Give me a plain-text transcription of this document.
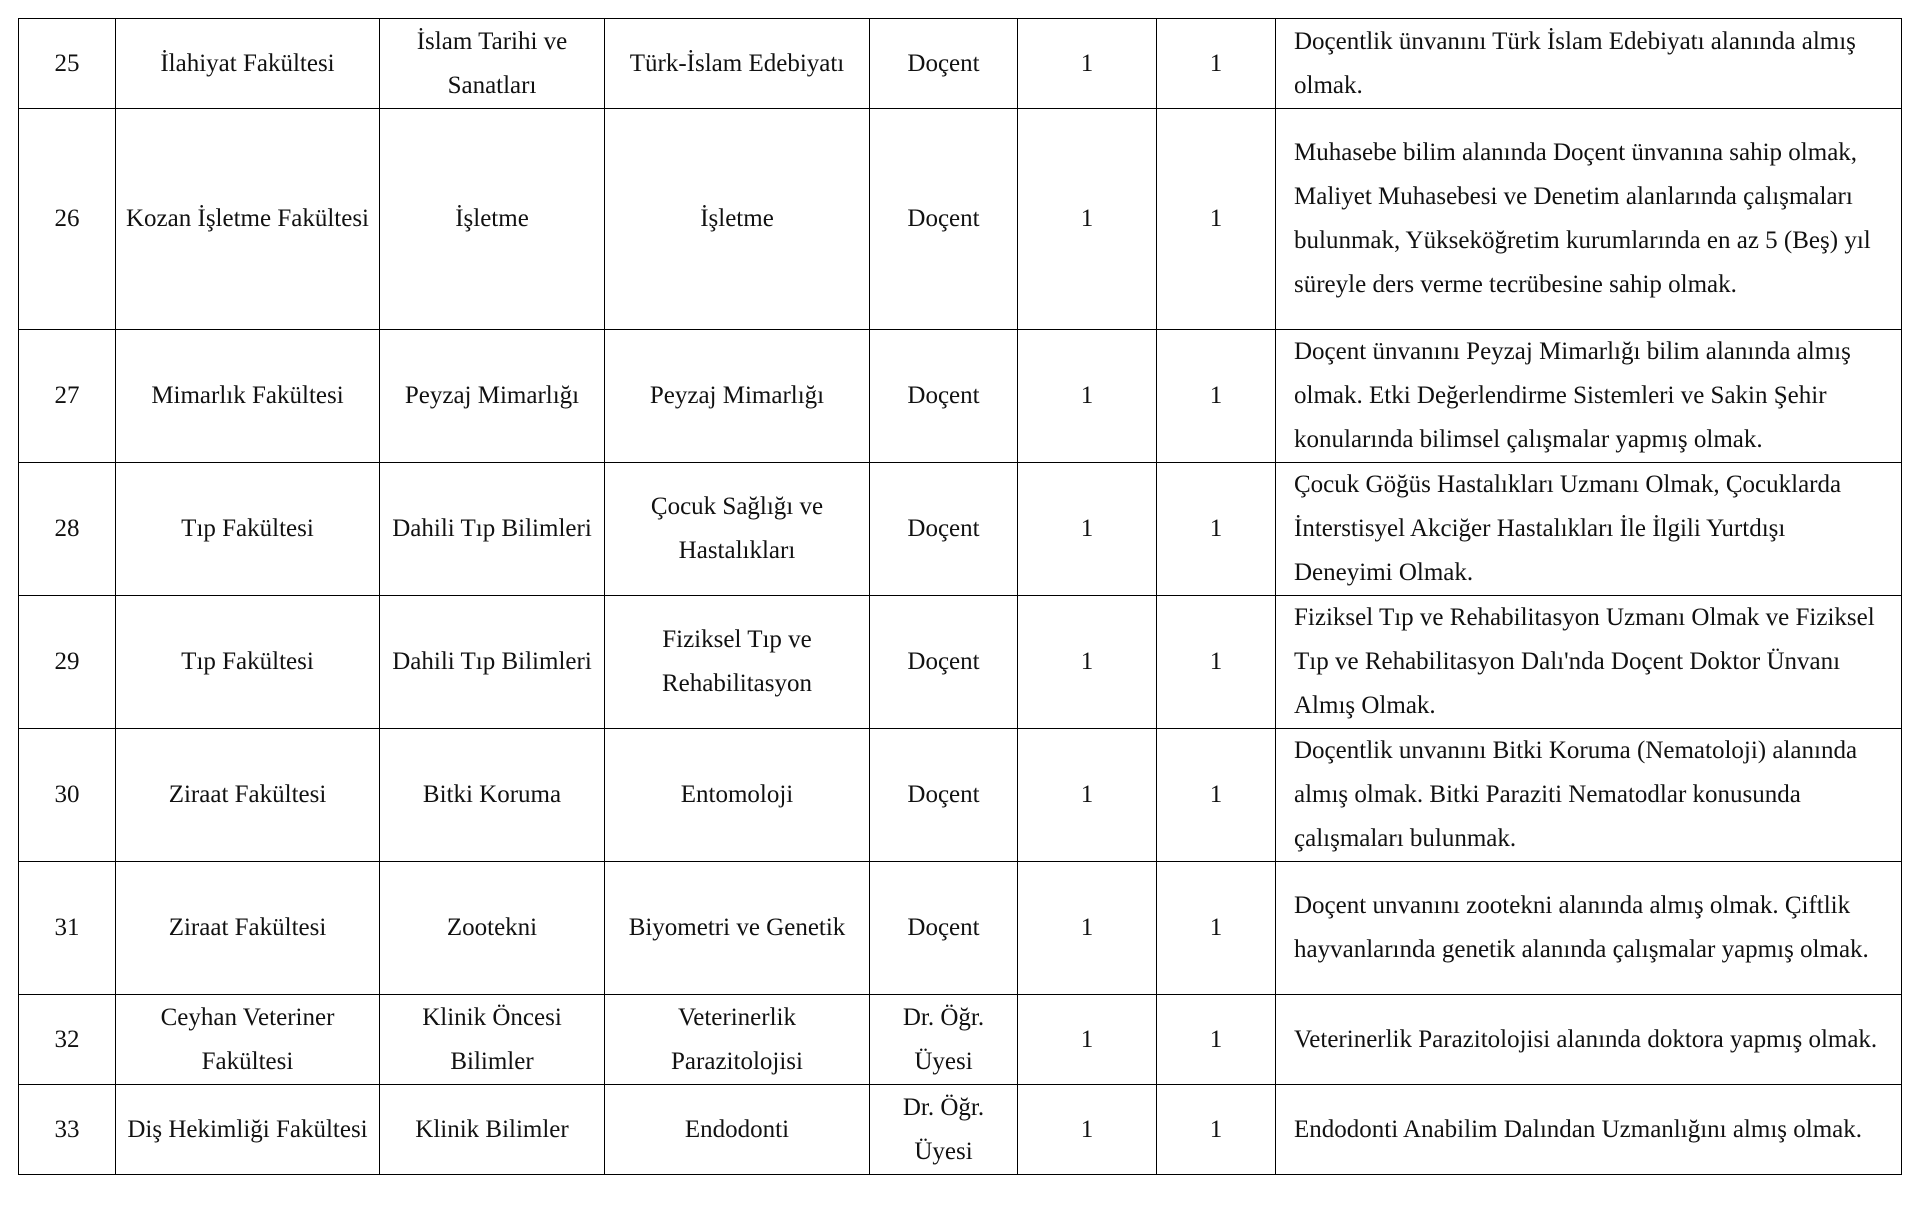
25	İlahiyat Fakültesi	İslam Tarihi ve Sanatları	Türk-İslam Edebiyatı	Doçent	1	1	Doçentlik ünvanını Türk İslam Edebiyatı alanında almış olmak.
26	Kozan İşletme Fakültesi	İşletme	İşletme	Doçent	1	1	Muhasebe bilim alanında Doçent ünvanına sahip olmak, Maliyet Muhasebesi ve Denetim alanlarında çalışmaları bulunmak, Yükseköğretim kurumlarında en az 5 (Beş) yıl süreyle ders verme tecrübesine sahip olmak.
27	Mimarlık Fakültesi	Peyzaj Mimarlığı	Peyzaj Mimarlığı	Doçent	1	1	Doçent ünvanını Peyzaj Mimarlığı bilim alanında almış olmak. Etki Değerlendirme Sistemleri ve Sakin Şehir konularında bilimsel çalışmalar yapmış olmak.
28	Tıp Fakültesi	Dahili Tıp Bilimleri	Çocuk Sağlığı ve Hastalıkları	Doçent	1	1	Çocuk Göğüs Hastalıkları Uzmanı Olmak, Çocuklarda İnterstisyel Akciğer Hastalıkları İle İlgili Yurtdışı Deneyimi Olmak.
29	Tıp Fakültesi	Dahili Tıp Bilimleri	Fiziksel Tıp ve Rehabilitasyon	Doçent	1	1	Fiziksel Tıp ve Rehabilitasyon Uzmanı Olmak ve Fiziksel Tıp ve Rehabilitasyon Dalı'nda Doçent Doktor Ünvanı Almış Olmak.
30	Ziraat Fakültesi	Bitki Koruma	Entomoloji	Doçent	1	1	Doçentlik unvanını Bitki Koruma (Nematoloji) alanında almış olmak. Bitki Paraziti Nematodlar konusunda çalışmaları bulunmak.
31	Ziraat Fakültesi	Zootekni	Biyometri ve Genetik	Doçent	1	1	Doçent unvanını zootekni alanında almış olmak. Çiftlik hayvanlarında genetik alanında çalışmalar yapmış olmak.
32	Ceyhan Veteriner Fakültesi	Klinik Öncesi Bilimler	Veterinerlik Parazitolojisi	Dr. Öğr. Üyesi	1	1	Veterinerlik Parazitolojisi alanında doktora yapmış olmak.
33	Diş Hekimliği Fakültesi	Klinik Bilimler	Endodonti	Dr. Öğr. Üyesi	1	1	Endodonti Anabilim Dalından Uzmanlığını almış olmak.
